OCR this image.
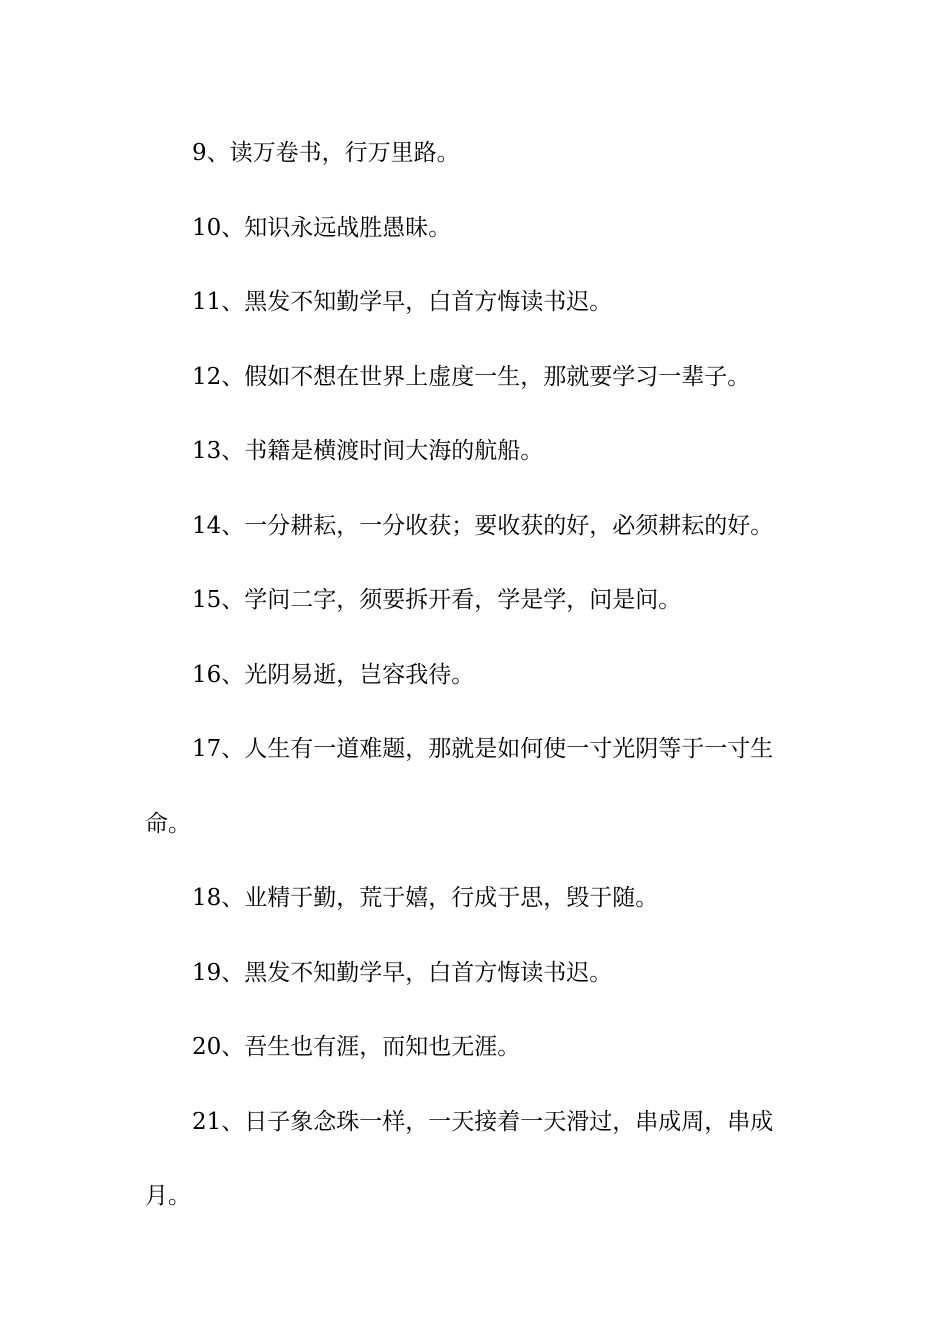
9、读万卷书，行万里路。

10、知识永远战胜愚昧。

11、黑发不知勤学早，白首方悔读书迟。

12、假如不想在世界上虚度一生，那就要学习一辈子。

13、书籍是横渡时间大海的航船。

14、一分耕耘，一分收获；要收获的好，必须耕耘的好。

15、学问二字，须要拆开看，学是学，问是问。

16、光阴易逝，岂容我待。

17、人生有一道难题，那就是如何使一寸光阴等于一寸生命。

18、业精于勤，荒于嬉，行成于思，毁于随。

19、黑发不知勤学早，白首方悔读书迟。

20、吾生也有涯，而知也无涯。

21、日子象念珠一样，一天接着一天滑过，串成周，串成月。
